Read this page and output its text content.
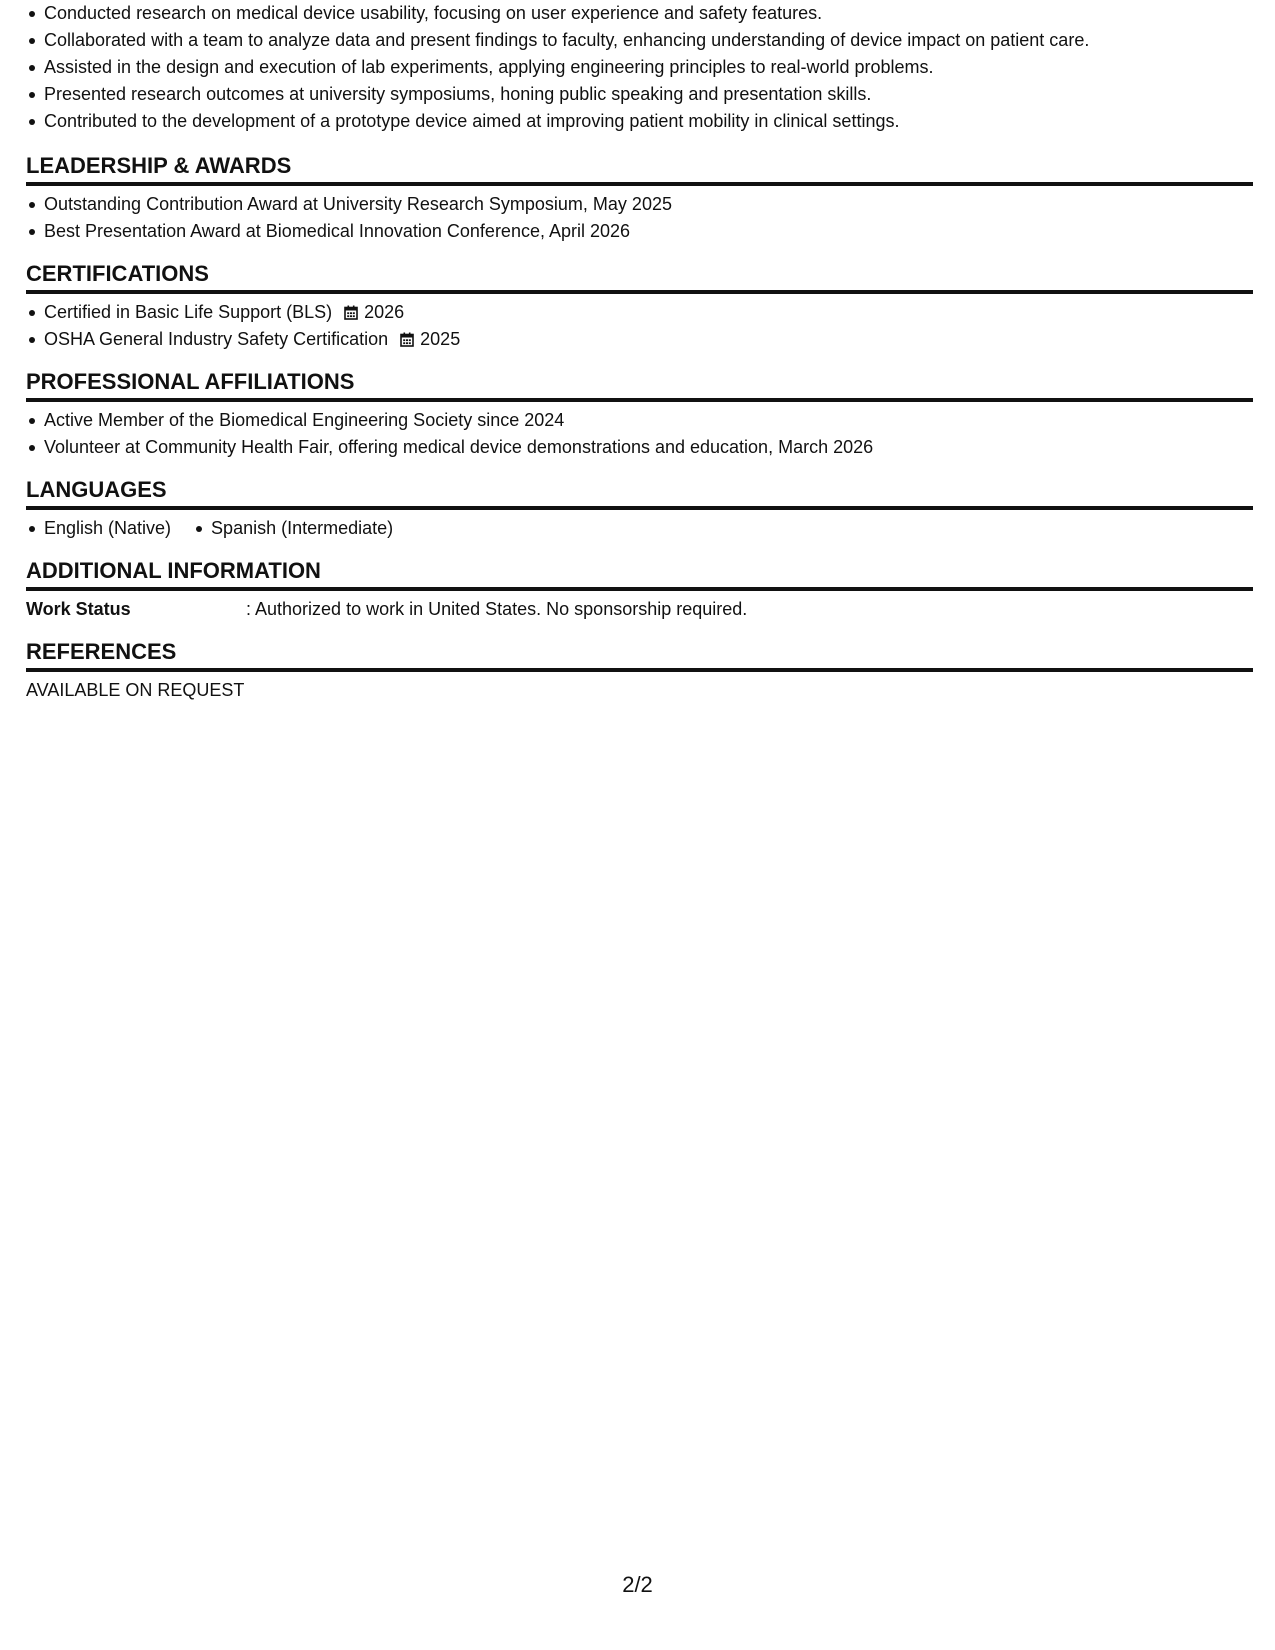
Conducted research on medical device usability, focusing on user experience and safety features.
Collaborated with a team to analyze data and present findings to faculty, enhancing understanding of device impact on patient care.
Assisted in the design and execution of lab experiments, applying engineering principles to real-world problems.
Presented research outcomes at university symposiums, honing public speaking and presentation skills.
Contributed to the development of a prototype device aimed at improving patient mobility in clinical settings.
LEADERSHIP & AWARDS
Outstanding Contribution Award at University Research Symposium, May 2025
Best Presentation Award at Biomedical Innovation Conference, April 2026
CERTIFICATIONS
Certified in Basic Life Support (BLS) 2026
OSHA General Industry Safety Certification 2025
PROFESSIONAL AFFILIATIONS
Active Member of the Biomedical Engineering Society since 2024
Volunteer at Community Health Fair, offering medical device demonstrations and education, March 2026
LANGUAGES
English (Native)	Spanish (Intermediate)
ADDITIONAL INFORMATION
Work Status	: Authorized to work in United States. No sponsorship required.
REFERENCES
AVAILABLE ON REQUEST
2/2
